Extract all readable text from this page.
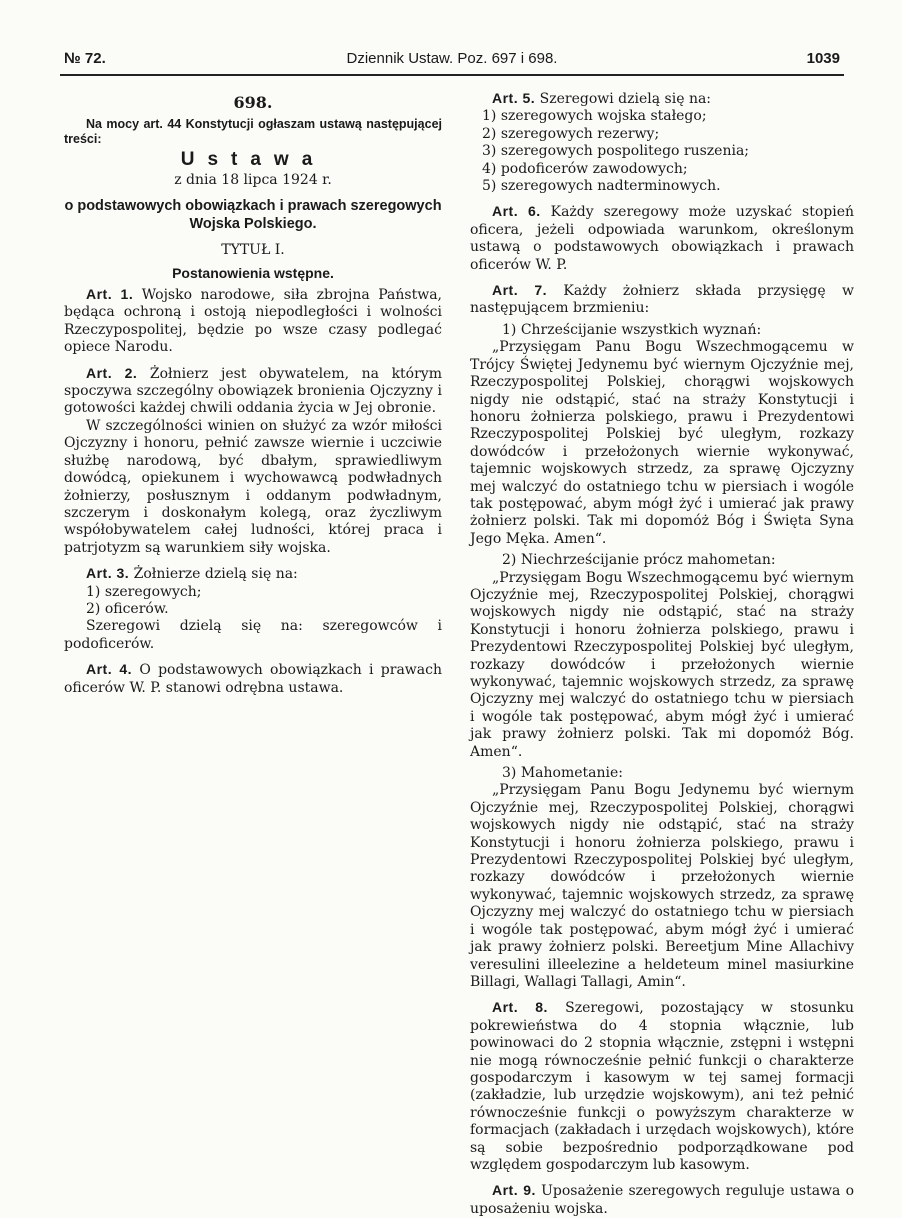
№ 72.	Dziennik Ustaw. Poz. 697 i 698.	1039
698.

Na mocy art. 44 Konstytucji ogłaszam ustawą następującej treści:

Ustawa
z dnia 18 lipca 1924 r.
o podstawowych obowiązkach i prawach szeregowych Wojska Polskiego.
TYTUŁ I.
Postanowienia wstępne.

Art. 1. Wojsko narodowe, siła zbrojna Państwa, będąca ochroną i ostoją niepodległości i wolności Rzeczypospolitej, będzie po wsze czasy podlegać opiece Narodu.

Art. 2. Żołnierz jest obywatelem, na którym spoczywa szczególny obowiązek bronienia Ojczyzny i gotowości każdej chwili oddania życia w Jej obronie.

W szczególności winien on służyć za wzór miłości Ojczyzny i honoru, pełnić zawsze wiernie i uczciwie służbę narodową, być dbałym, sprawiedliwym dowódcą, opiekunem i wychowawcą podwładnych żołnierzy, posłusznym i oddanym podwładnym, szczerym i doskonałym kolegą, oraz życzliwym współobywatelem całej ludności, której praca i patrjotyzm są warunkiem siły wojska.

Art. 3. Żołnierze dzielą się na:

1) szeregowych;

2) oficerów.

Szeregowi dzielą się na: szeregowców i podoficerów.

Art. 4. O podstawowych obowiązkach i prawach oficerów W. P. stanowi odrębna ustawa.

Art. 5. Szeregowi dzielą się na:

1) szeregowych wojska stałego;

2) szeregowych rezerwy;

3) szeregowych pospolitego ruszenia;

4) podoficerów zawodowych;

5) szeregowych nadterminowych.

Art. 6. Każdy szeregowy może uzyskać stopień oficera, jeżeli odpowiada warunkom, określonym ustawą o podstawowych obowiązkach i prawach oficerów W. P.

Art. 7. Każdy żołnierz składa przysięgę w następującem brzmieniu:

1) Chrześcijanie wszystkich wyznań:

„Przysięgam Panu Bogu Wszechmogącemu w Trójcy Świętej Jedynemu być wiernym Ojczyźnie mej, Rzeczypospolitej Polskiej, chorągwi wojskowych nigdy nie odstąpić, stać na straży Konstytucji i honoru żołnierza polskiego, prawu i Prezydentowi Rzeczypospolitej Polskiej być uległym, rozkazy dowódców i przełożonych wiernie wykonywać, tajemnic wojskowych strzedz, za sprawę Ojczyzny mej walczyć do ostatniego tchu w piersiach i wogóle tak postępować, abym mógł żyć i umierać jak prawy żołnierz polski. Tak mi dopomóż Bóg i Święta Syna Jego Męka. Amen“.

2) Niechrześcijanie prócz mahometan:

„Przysięgam Bogu Wszechmogącemu być wiernym Ojczyźnie mej, Rzeczypospolitej Polskiej, chorągwi wojskowych nigdy nie odstąpić, stać na straży Konstytucji i honoru żołnierza polskiego, prawu i Prezydentowi Rzeczypospolitej Polskiej być uległym, rozkazy dowódców i przełożonych wiernie wykonywać, tajemnic wojskowych strzedz, za sprawę Ojczyzny mej walczyć do ostatniego tchu w piersiach i wogóle tak postępować, abym mógł żyć i umierać jak prawy żołnierz polski. Tak mi dopomóż Bóg. Amen“.

3) Mahometanie:

„Przysięgam Panu Bogu Jedynemu być wiernym Ojczyźnie mej, Rzeczypospolitej Polskiej, chorągwi wojskowych nigdy nie odstąpić, stać na straży Konstytucji i honoru żołnierza polskiego, prawu i Prezydentowi Rzeczypospolitej Polskiej być uległym, rozkazy dowódców i przełożonych wiernie wykonywać, tajemnic wojskowych strzedz, za sprawę Ojczyzny mej walczyć do ostatniego tchu w piersiach i wogóle tak postępować, abym mógł żyć i umierać jak prawy żołnierz polski. Bereetjum Mine Allachivy veresulini illeelezine a heldeteum minel masiurkine Billagi, Wallagi Tallagi, Amin“.

Art. 8. Szeregowi, pozostający w stosunku pokrewieństwa do 4 stopnia włącznie, lub powinowaci do 2 stopnia włącznie, zstępni i wstępni nie mogą równocześnie pełnić funkcji o charakterze gospodarczym i kasowym w tej samej formacji (zakładzie, lub urzędzie wojskowym), ani też pełnić równocześnie funkcji o powyższym charakterze w formacjach (zakładach i urzędach wojskowych), które są sobie bezpośrednio podporządkowane pod względem gospodarczym lub kasowym.

Art. 9. Uposażenie szeregowych reguluje ustawa o uposażeniu wojska.
